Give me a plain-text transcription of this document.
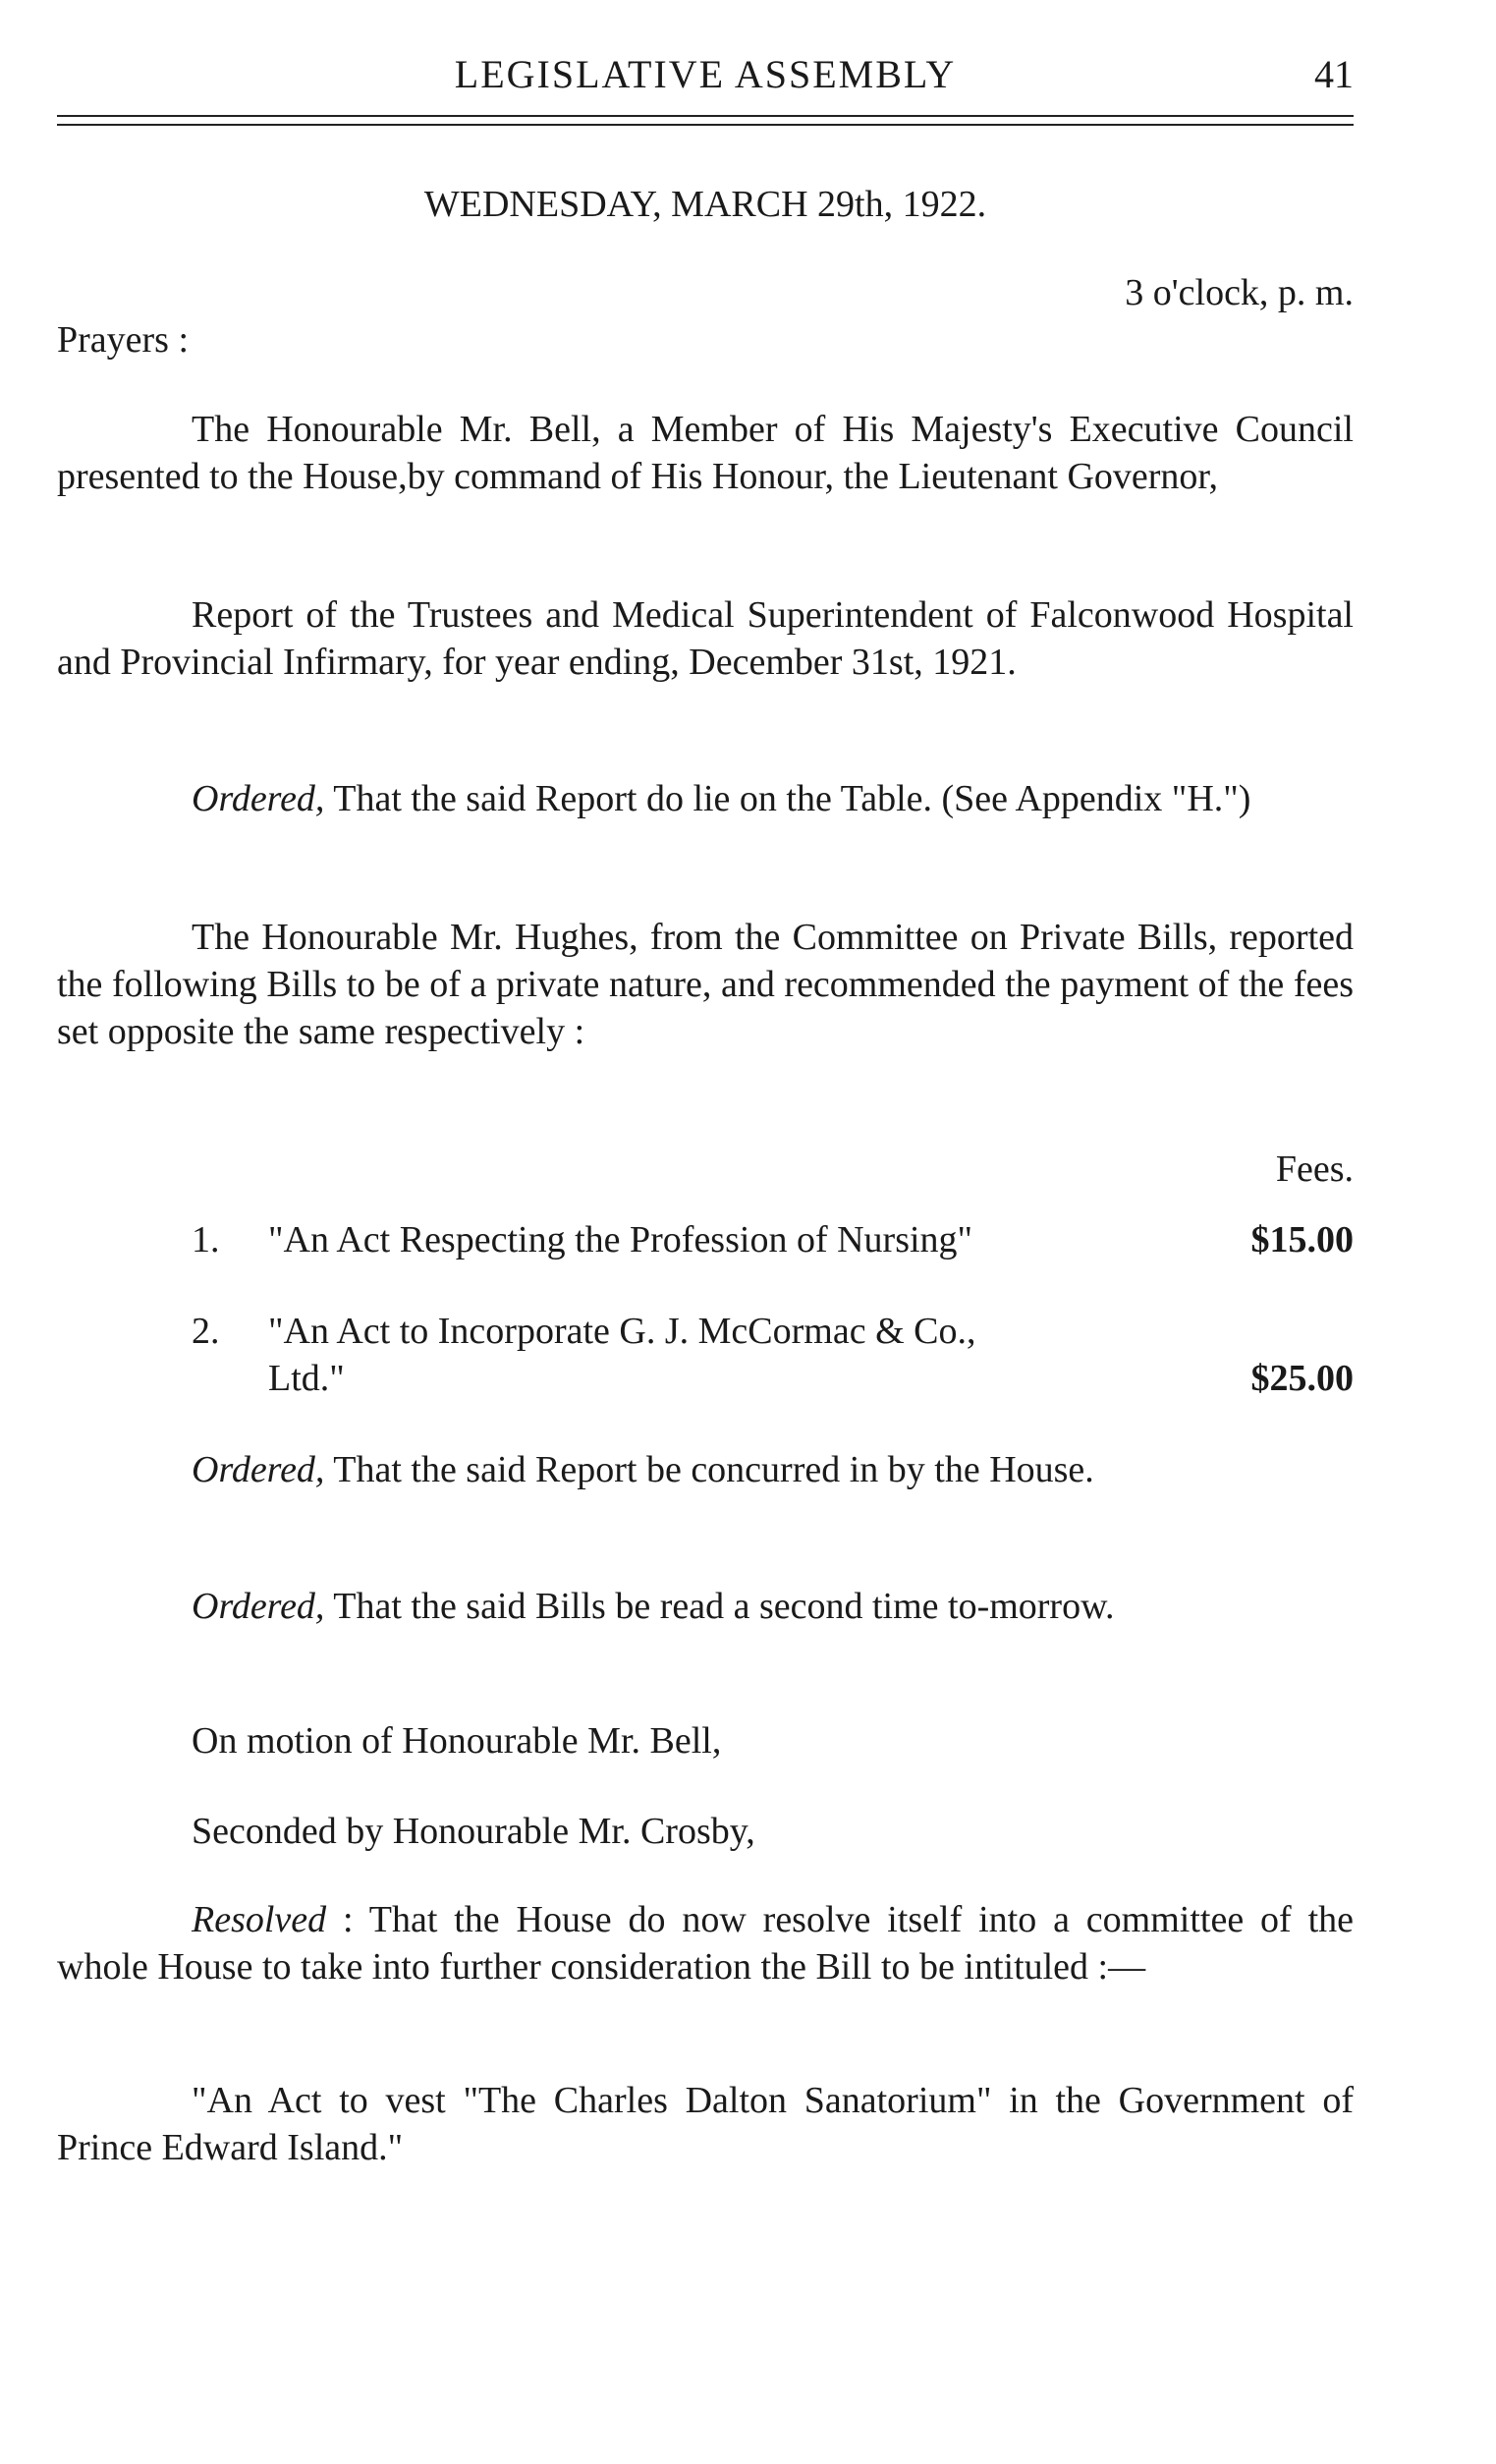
LEGISLATIVE ASSEMBLY	41
WEDNESDAY, MARCH 29th, 1922.
3 o'clock, p. m.
Prayers :
The Honourable Mr. Bell, a Member of His Majesty's Executive Council presented to the House,by command of His Honour, the Lieutenant Governor,
Report of the Trustees and Medical Superintendent of Falconwood Hospital and Provincial Infirmary, for year ending, December 31st, 1921.
Ordered, That the said Report do lie on the Table. (See Appendix "H.")
The Honourable Mr. Hughes, from the Committee on Private Bills, reported the following Bills to be of a private nature, and recommended the payment of the fees set opposite the same respectively :
Fees.
1. "An Act Respecting the Profession of Nursing"	$15.00
2. "An Act to Incorporate G. J. McCormac & Co.,
Ltd."	$25.00
Ordered, That the said Report be concurred in by the House.
Ordered, That the said Bills be read a second time to-morrow.
On motion of Honourable Mr. Bell,
Seconded by Honourable Mr. Crosby,
Resolved : That the House do now resolve itself into a committee of the whole House to take into further consideration the Bill to be intituled :—
"An Act to vest "The Charles Dalton Sanatorium" in the Government of Prince Edward Island."
